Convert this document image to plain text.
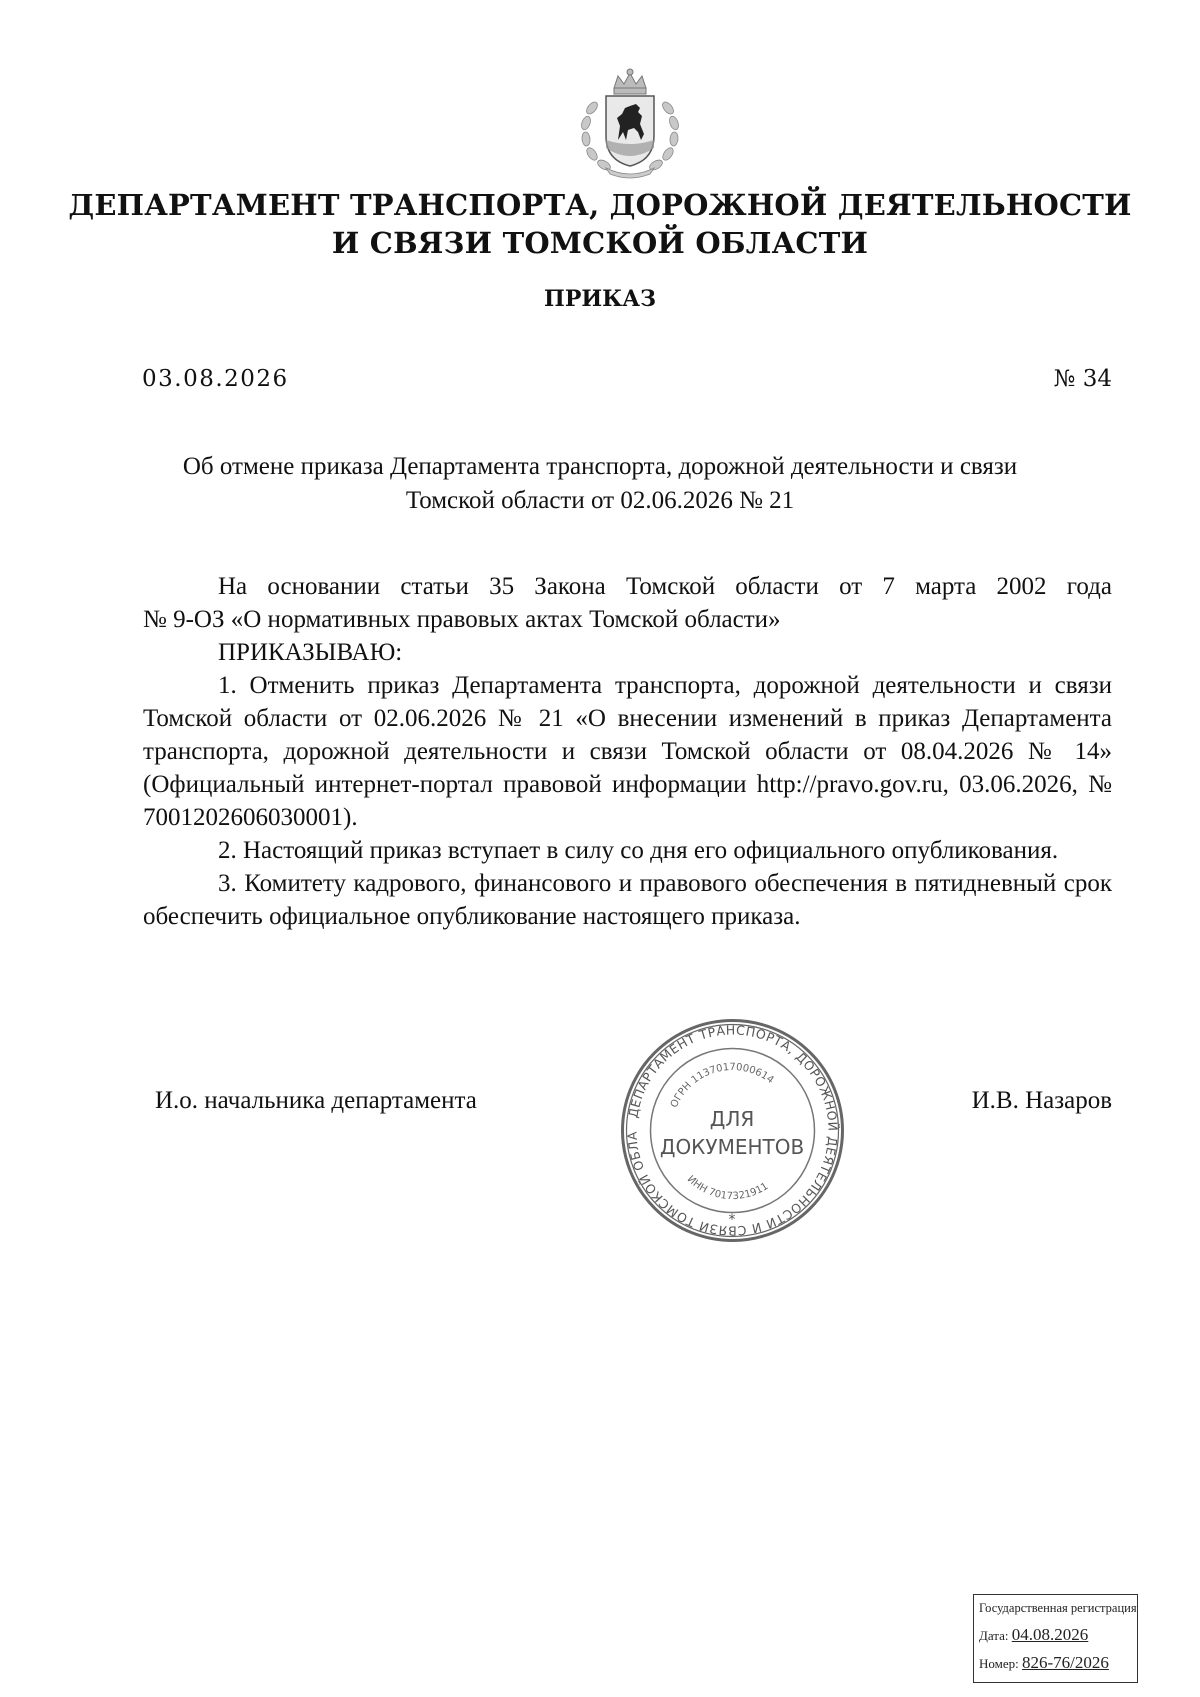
ДЕПАРТАМЕНТ ТРАНСПОРТА, ДОРОЖНОЙ ДЕЯТЕЛЬНОСТИ
И СВЯЗИ ТОМСКОЙ ОБЛАСТИ
ПРИКАЗ
03.08.2026	№ 34
Об отмене приказа Департамента транспорта, дорожной деятельности и связи
Томской области от 02.06.2026 № 21

На основании статьи 35 Закона Томской области от 7 марта 2002 года

№ 9-ОЗ «О нормативных правовых актах Томской области»

ПРИКАЗЫВАЮ:

1. Отменить приказ Департамента транспорта, дорожной деятельности и связи Томской области от 02.06.2026 № 21 «О внесении изменений в приказ Департамента транспорта, дорожной деятельности и связи Томской области от 08.04.2026 № 14» (Официальный интернет-портал правовой информации http://pravo.gov.ru, 03.06.2026, № 7001202606030001).

2. Настоящий приказ вступает в силу со дня его официального опубликования.

3. Комитету кадрового, финансового и правового обеспечения в пятидневный срок обеспечить официальное опубликование настоящего приказа.

И.о. начальника департамента	И.В. Назаров
ДЕПАРТАМЕНТ ТРАНСПОРТА, ДОРОЖНОЙ ДЕЯТЕЛЬНОСТИ И СВЯЗИ ТОМСКОЙ ОБЛА
ОГРН 1137017000614
ИНН 7017321911
ДЛЯ
ДОКУМЕНТОВ
*
Государственная регистрация
Дата: 04.08.2026
Номер: 826-76/2026
